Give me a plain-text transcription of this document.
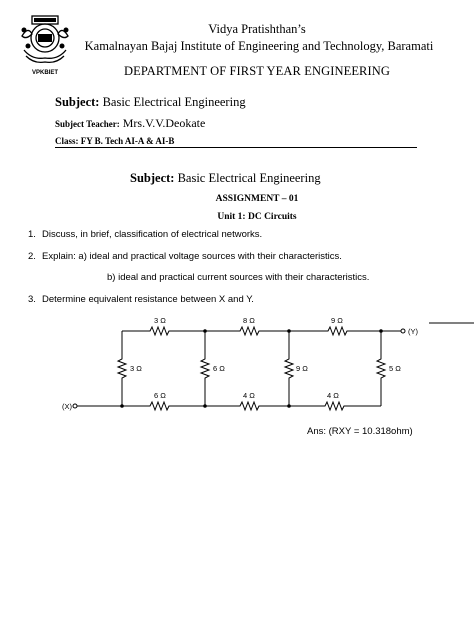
VPKBIET
Vidya Pratishthan’s
Kamalnayan Bajaj Institute of Engineering and Technology, Baramati
DEPARTMENT OF FIRST YEAR ENGINEERING
Subject: Basic Electrical Engineering
Subject Teacher: Mrs.V.V.Deokate
Class: FY B. Tech AI-A & AI-B
Subject: Basic Electrical Engineering
ASSIGNMENT – 01
Unit 1: DC Circuits
1. Discuss, in brief, classification of electrical networks.
2. Explain: a) ideal and practical voltage sources with their characteristics.
b) ideal and practical current sources with their characteristics.
3. Determine equivalent resistance between X and Y.
(X)
(Y)
3 Ω	8 Ω	9 Ω
6 Ω	4 Ω	4 Ω
3 Ω	6 Ω	9 Ω	5 Ω
Ans: (RXY = 10.318ohm)
